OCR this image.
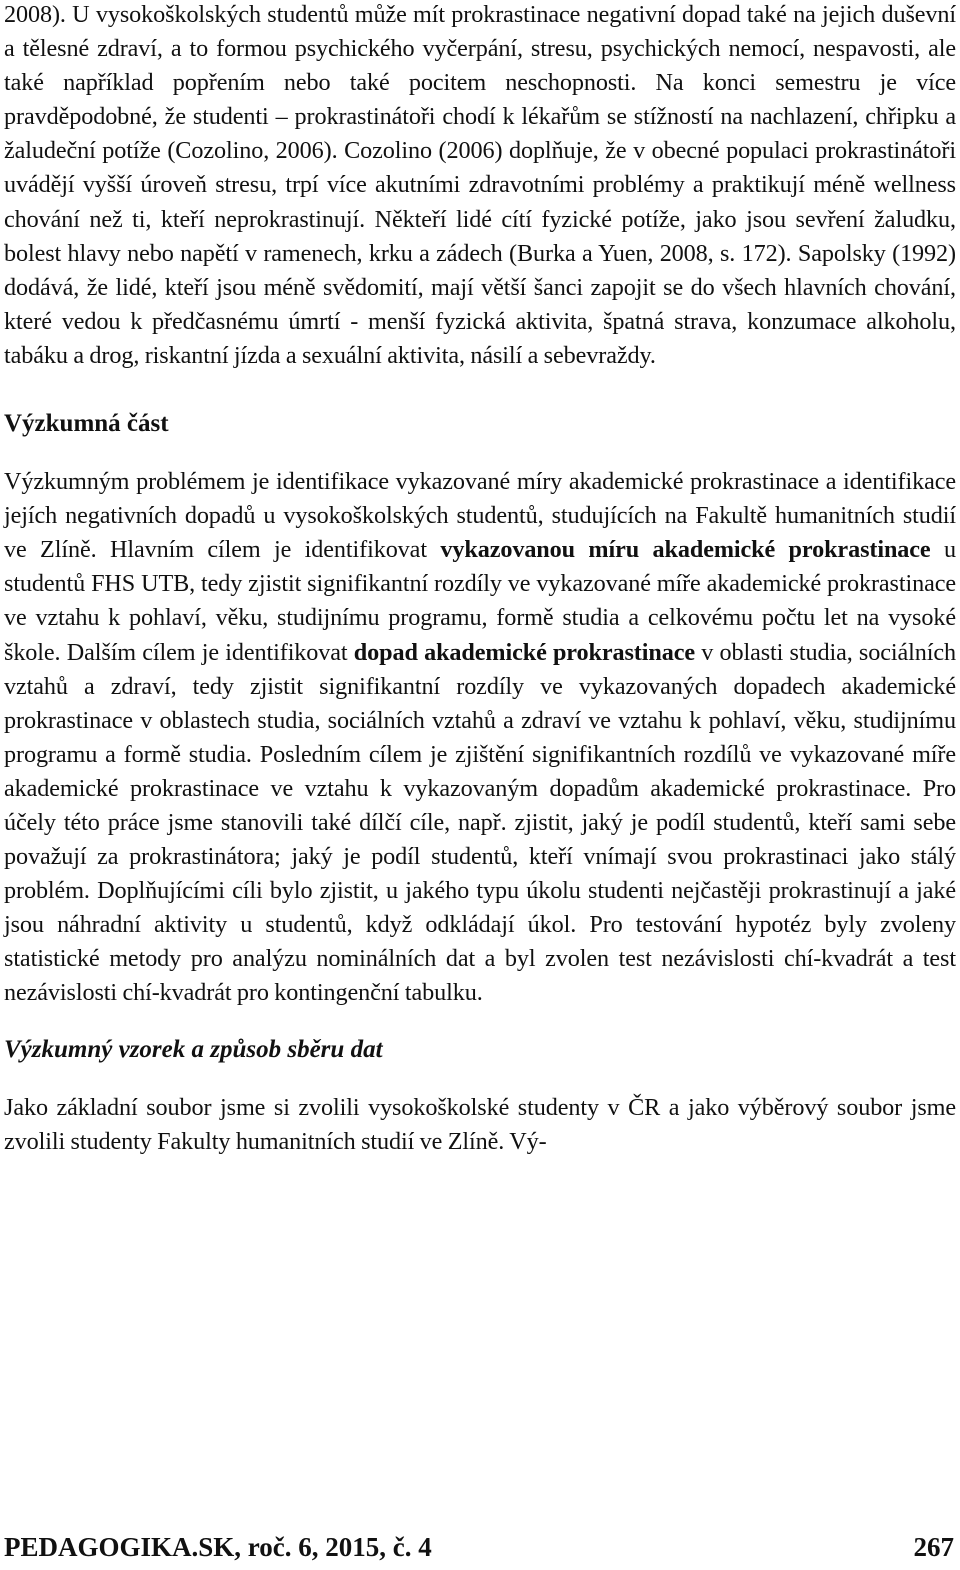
2008). U vysokoškolských studentů může mít prokrastinace negativní dopad také na jejich duševní a tělesné zdraví, a to formou psychického vyčerpání, stresu, psychických nemocí, nespavosti, ale také například popřením nebo také pocitem neschopnosti. Na konci semestru je více pravděpodobné, že studenti – prokrastinátoři chodí k lékařům se stížností na nachlazení, chřipku a žaludeční potíže (Cozolino, 2006). Cozolino (2006) doplňuje, že v obecné populaci prokrastinátoři uvádějí vyšší úroveň stresu, trpí více akutními zdravotními problémy a praktikují méně wellness chování než ti, kteří neprokrastinují. Někteří lidé cítí fyzické potíže, jako jsou sevření žaludku, bolest hlavy nebo napětí v ramenech, krku a zádech (Burka a Yuen, 2008, s. 172). Sapolsky (1992) dodává, že lidé, kteří jsou méně svědomití, mají větší šanci zapojit se do všech hlavních chování, které vedou k předčasnému úmrtí - menší fyzická aktivita, špatná strava, konzumace alkoholu, tabáku a drog, riskantní jízda a sexuální aktivita, násilí a sebevraždy.

Výzkumná část

Výzkumným problémem je identifikace vykazované míry akademické prokrastinace a identifikace jejích negativních dopadů u vysokoškolských studentů, studujících na Fakultě humanitních studií ve Zlíně. Hlavním cílem je identifikovat vykazovanou míru akademické prokrastinace u studentů FHS UTB, tedy zjistit signifikantní rozdíly ve vykazované míře akademické prokrastinace ve vztahu k pohlaví, věku, studijnímu programu, formě studia a celkovému počtu let na vysoké škole. Dalším cílem je identifikovat dopad akademické prokrastinace v oblasti studia, sociálních vztahů a zdraví, tedy zjistit signifikantní rozdíly ve vykazovaných dopadech akademické prokrastinace v oblastech studia, sociálních vztahů a zdraví ve vztahu k pohlaví, věku, studijnímu programu a formě studia. Posledním cílem je zjištění signifikantních rozdílů ve vykazované míře akademické prokrastinace ve vztahu k vykazovaným dopadům akademické prokrastinace. Pro účely této práce jsme stanovili také dílčí cíle, např. zjistit, jaký je podíl studentů, kteří sami sebe považují za prokrastinátora; jaký je podíl studentů, kteří vnímají svou prokrastinaci jako stálý problém. Doplňujícími cíli bylo zjistit, u jakého typu úkolu studenti nejčastěji prokrastinují a jaké jsou náhradní aktivity u studentů, když odkládají úkol. Pro testování hypotéz byly zvoleny statistické metody pro analýzu nominálních dat a byl zvolen test nezávislosti chí-kvadrát a test nezávislosti chí-kvadrát pro kontingenční tabulku.

Výzkumný vzorek a způsob sběru dat

Jako základní soubor jsme si zvolili vysokoškolské studenty v ČR a jako výběrový soubor jsme zvolili studenty Fakulty humanitních studií ve Zlíně. Vý-

PEDAGOGIKA.SK, roč. 6, 2015, č. 4	267
